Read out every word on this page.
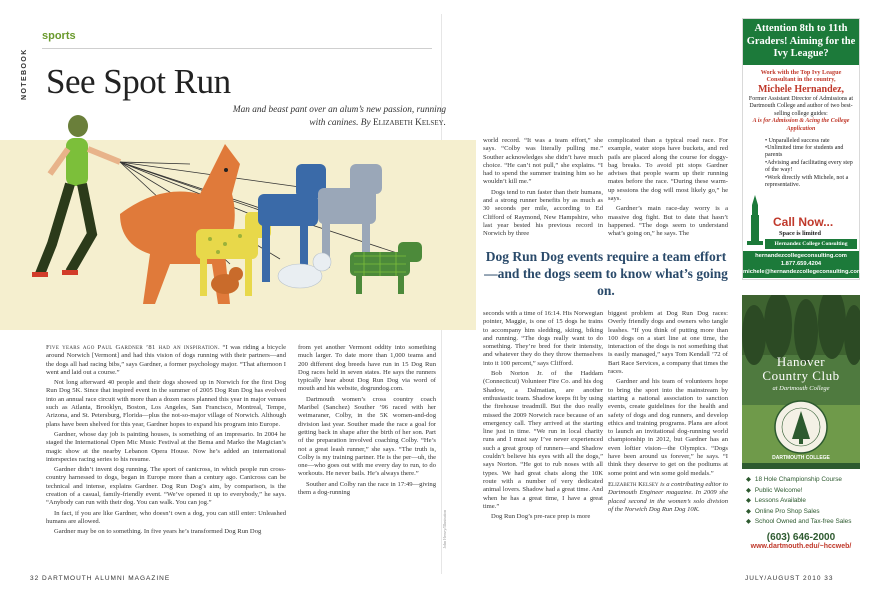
NOTEBOOK
sports
See Spot Run
Man and beast pant over an alum’s new passion, running
with canines. By Elizabeth Kelsey.

Five years ago Paul Gardner ’81 had an inspiration. “I was riding a bicycle around Norwich [Vermont] and had this vision of dogs running with their partners—and the dogs all had racing bibs,” says Gardner, a former psychology major. “That afternoon I went and laid out a course.”

Not long afterward 40 people and their dogs showed up in Norwich for the first Dog Run Dog 5K. Since that inspired event in the summer of 2005 Dog Run Dog has evolved into an annual race circuit with more than a dozen races planned this year in major venues such as Atlanta, Brooklyn, Boston, Los Angeles, San Francisco, Montreal, Tempe, Arizona, and St. Petersburg, Florida—plus the not-so-major village of Norwich. Although plans have been shelved for this year, Gardner hopes to expand his program into Europe.

Gardner, whose day job is painting houses, is something of an impresario. In 2004 he staged the International Open Mic Music Festival at the Bema and Marko the Magician’s magic show at the nearby Lebanon Opera House. Now he’s added an international interspecies racing series to his resume.

Gardner didn’t invent dog running. The sport of canicross, in which people run cross-country harnessed to dogs, began in Europe more than a century ago. Canicross can be technical and intense, explains Gardner. Dog Run Dog’s aim, by comparison, is the creation of a casual, family-friendly event. “We’ve opened it up to everybody,” he says. “Anybody can run with their dog. You can walk. You can jog.”

In fact, if you are like Gardner, who doesn’t own a dog, you can still enter: Unleashed humans are allowed.

Gardner may be on to something. In five years he’s transformed Dog Run Dog

from yet another Vermont oddity into something much larger. To date more than 1,000 teams and 200 different dog breeds have run in 15 Dog Run Dog races held in seven states. He says the runners typically hear about Dog Run Dog via word of mouth and his website, dogrundog.com.

Dartmouth women’s cross country coach Maribel (Sanchez) Souther ’96 raced with her weimaraner, Colby, in the 5K women-and-dog division last year. Souther made the race a goal for getting back in shape after the birth of her son. Part of the preparation involved coaching Colby. “He’s not a great leash runner,” she says. “The truth is, Colby is my training partner. He is the per—uh, the one—who goes out with me every day to run, to do workouts. He never bails. He’s always there.”

Souther and Colby ran the race in 17:49—giving them a dog-running

John Hersey/Illustration

world record. “It was a team effort,” she says. “Colby was literally pulling me.” Souther acknowledges she didn’t have much choice. “He can’t not pull,” she explains. “I had to spend the summer training him so he wouldn’t kill me.”

Dogs tend to run faster than their humans, and a strong runner benefits by as much as 30 seconds per mile, according to Ed Clifford of Raymond, New Hampshire, who last year bested his previous record in Norwich by three

complicated than a typical road race. For example, water stops have buckets, and red pails are placed along the course for doggy-bag breaks. To avoid pit stops Gardner advises that people warm up their running mates before the race. “During these warm-up sessions the dog will most likely go,” he says.

Gardner’s main race-day worry is a massive dog fight. But to date that hasn’t happened. “The dogs seem to understand what’s going on,” he says. The

Dog Run Dog events require a team effort—and the dogs seem to know what’s going on.

seconds with a time of 16:14. His Norwegian pointer, Maggie, is one of 15 dogs he trains to accompany him sledding, skiing, biking and running. “The dogs really want to do something. They’re bred for their intensity, and whatever they do they throw themselves into it 100 percent,” says Clifford.

Bob Norton Jr. of the Haddam (Connecticut) Volunteer Fire Co. and his dog Shadow, a Dalmatian, are another enthusiastic team. Shadow keeps fit by using the firehouse treadmill. But the duo really missed the 2009 Norwich race because of an emergency call. They arrived at the starting line just in time. “We run in local charity runs and I must say I’ve never experienced such a great group of runners—and Shadow couldn’t believe his eyes with all the dogs,” says Norton. “He got to rub noses with all types. We had great chats along the 10K route with a number of very dedicated animal lovers. Shadow had a great time. And when he has a great time, I have a great time.”

Dog Run Dog’s pre-race prep is more

biggest problem at Dog Run Dog races: Overly friendly dogs and owners who tangle leashes. “If you think of putting more than 100 dogs on a start line at one time, the interaction of the dogs is not something that is easily managed,” says Tom Kendall ’72 of Bart Race Services, a company that times the races.

Gardner and his team of volunteers hope to bring the sport into the mainstream by starting a national association to sanction events, create guidelines for the health and safety of dogs and dog runners, and develop ethics and training programs. Plans are afoot to launch an invitational dog-running world championship in 2012, but Gardner has an even loftier vision—the Olympics. “Dogs have been around us forever,” he says. “I think they deserve to get on the podiums at some point and win some gold medals.”

Elizabeth Kelsey is a contributing editor to Dartmouth Engineer magazine. In 2009 she placed second in the women’s solo division of the Norwich Dog Run Dog 10K.

32 DARTMOUTH ALUMNI MAGAZINE	JULY/AUGUST 2010 33
Attention 8th to 11th Graders! Aiming for the Ivy League?
Work with the Top Ivy League Consultant in the country,
Michele Hernandez,
Former Assistant Director of Admissions at Dartmouth College and author of two best-selling college guides:
A is for Admission & Acing the College Application
• Unparalleled success rate
•Unlimited time for students and parents
•Advising and facilitating every step of the way!
•Work directly with Michele, not a representative.
Call Now...
Space is limited
Hernandez College Consulting
hernandezcollegeconsulting.com
1.877.659.4204
michele@hernandezcollegeconsulting.com
Hanover
Country Club
at Dartmouth College
DARTMOUTH COLLEGE
◆ 18 Hole Championship Course
◆ Public Welcome!
◆ Lessons Available
◆ Online Pro Shop Sales
◆ School Owned and Tax-free Sales
(603) 646-2000
www.dartmouth.edu/~hccweb/
